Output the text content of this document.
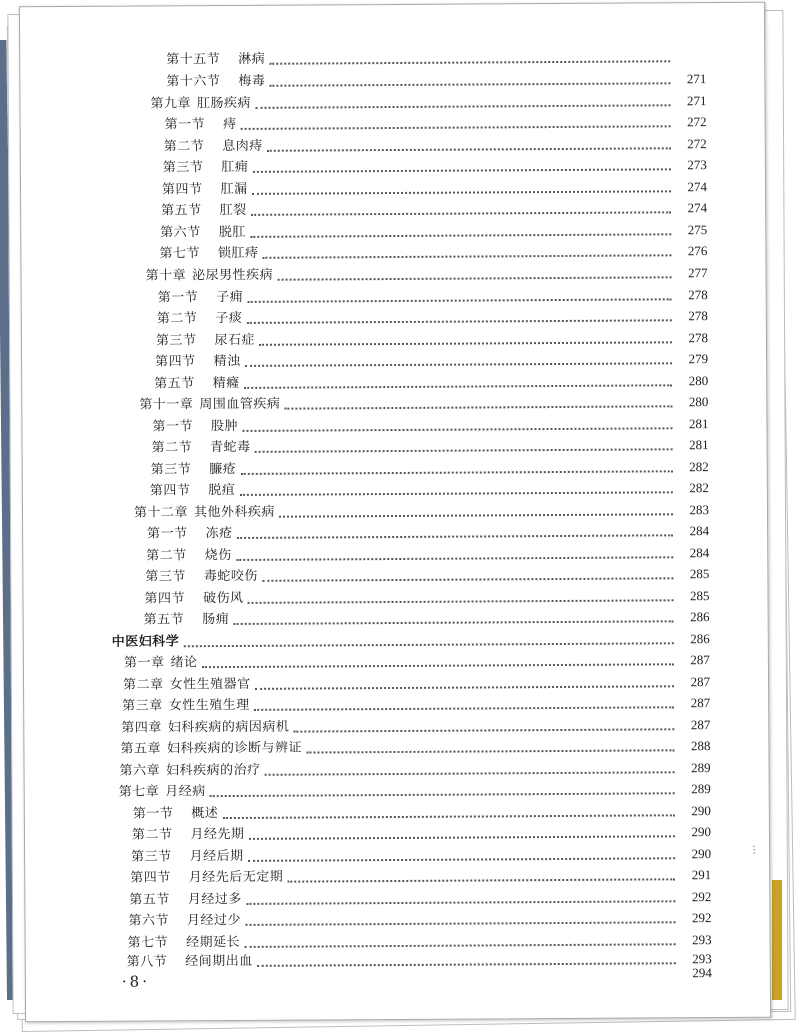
第十五节 淋病
第十六节 梅毒	271
第九章 肛肠疾病	271
第一节 痔	272
第二节 息肉痔	272
第三节 肛痈	273
第四节 肛漏	274
第五节 肛裂	274
第六节 脱肛	275
第七节 锁肛痔	276
第十章 泌尿男性疾病	277
第一节 子痈	278
第二节 子痰	278
第三节 尿石症	278
第四节 精浊	279
第五节 精癃	280
第十一章 周围血管疾病	280
第一节 股肿	281
第二节 青蛇毒	281
第三节 臁疮	282
第四节 脱疽	282
第十二章 其他外科疾病	283
第一节 冻疮	284
第二节 烧伤	284
第三节 毒蛇咬伤	285
第四节 破伤风	285
第五节 肠痈	286
中医妇科学	286
第一章 绪论	287
第二章 女性生殖器官	287
第三章 女性生殖生理	287
第四章 妇科疾病的病因病机	287
第五章 妇科疾病的诊断与辨证	288
第六章 妇科疾病的治疗	289
第七章 月经病	289
第一节 概述	290
第二节 月经先期	290
第三节 月经后期	290
第四节 月经先后无定期	291
第五节 月经过多	292
第六节 月经过少	292
第七节 经期延长	293
第八节 经间期出血	293
294
·8·
⋮
